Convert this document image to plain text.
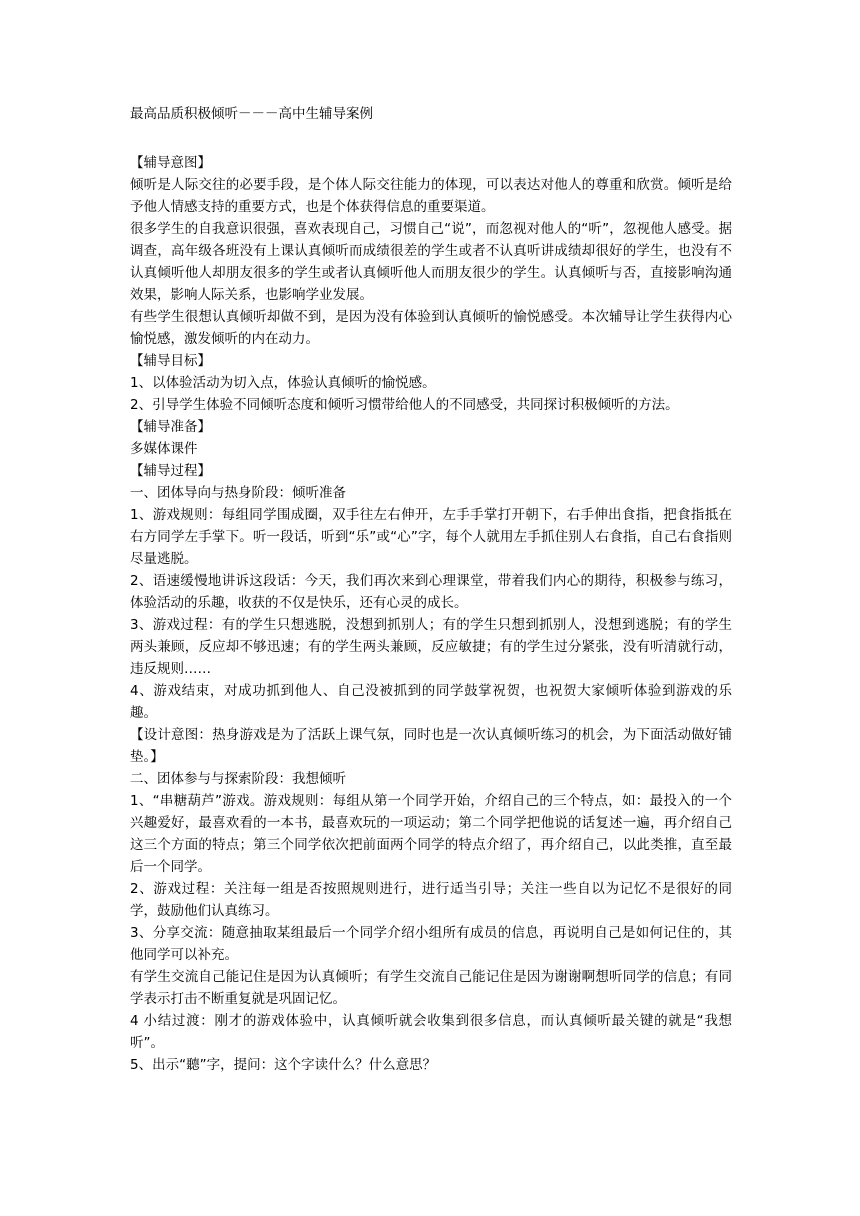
最高品质积极倾听－－－高中生辅导案例

【辅导意图】

倾听是人际交往的必要手段，是个体人际交往能力的体现，可以表达对他人的尊重和欣赏。倾听是给予他人情感支持的重要方式，也是个体获得信息的重要渠道。

很多学生的自我意识很强，喜欢表现自己，习惯自己“说”，而忽视对他人的“听”，忽视他人感受。据调查，高年级各班没有上课认真倾听而成绩很差的学生或者不认真听讲成绩却很好的学生，也没有不认真倾听他人却朋友很多的学生或者认真倾听他人而朋友很少的学生。认真倾听与否，直接影响沟通效果，影响人际关系，也影响学业发展。

有些学生很想认真倾听却做不到，是因为没有体验到认真倾听的愉悦感受。本次辅导让学生获得内心愉悦感，激发倾听的内在动力。

【辅导目标】

1、以体验活动为切入点，体验认真倾听的愉悦感。

2、引导学生体验不同倾听态度和倾听习惯带给他人的不同感受，共同探讨积极倾听的方法。

【辅导准备】

多媒体课件

【辅导过程】

一、团体导向与热身阶段：倾听准备

1、游戏规则：每组同学围成圈，双手往左右伸开，左手手掌打开朝下，右手伸出食指，把食指抵在右方同学左手掌下。听一段话，听到“乐”或“心”字，每个人就用左手抓住别人右食指，自己右食指则尽量逃脱。

2、语速缓慢地讲诉这段话：今天，我们再次来到心理课堂，带着我们内心的期待，积极参与练习，体验活动的乐趣，收获的不仅是快乐，还有心灵的成长。

3、游戏过程：有的学生只想逃脱，没想到抓别人；有的学生只想到抓别人，没想到逃脱；有的学生两头兼顾，反应却不够迅速；有的学生两头兼顾，反应敏捷；有的学生过分紧张，没有听清就行动，违反规则……

4、游戏结束，对成功抓到他人、自己没被抓到的同学鼓掌祝贺，也祝贺大家倾听体验到游戏的乐趣。

【设计意图：热身游戏是为了活跃上课气氛，同时也是一次认真倾听练习的机会，为下面活动做好铺垫。】

二、团体参与与探索阶段：我想倾听

1、“串糖葫芦”游戏。游戏规则：每组从第一个同学开始，介绍自己的三个特点，如：最投入的一个兴趣爱好，最喜欢看的一本书，最喜欢玩的一项运动；第二个同学把他说的话复述一遍，再介绍自己这三个方面的特点；第三个同学依次把前面两个同学的特点介绍了，再介绍自己，以此类推，直至最后一个同学。

2、游戏过程：关注每一组是否按照规则进行，进行适当引导；关注一些自以为记忆不是很好的同学，鼓励他们认真练习。

3、分享交流：随意抽取某组最后一个同学介绍小组所有成员的信息，再说明自己是如何记住的，其他同学可以补充。

有学生交流自己能记住是因为认真倾听；有学生交流自己能记住是因为谢谢啊想听同学的信息；有同学表示打击不断重复就是巩固记忆。

4 小结过渡：刚才的游戏体验中，认真倾听就会收集到很多信息，而认真倾听最关键的就是“我想听”。

5、出示“聽”字，提问：这个字读什么？什么意思？
